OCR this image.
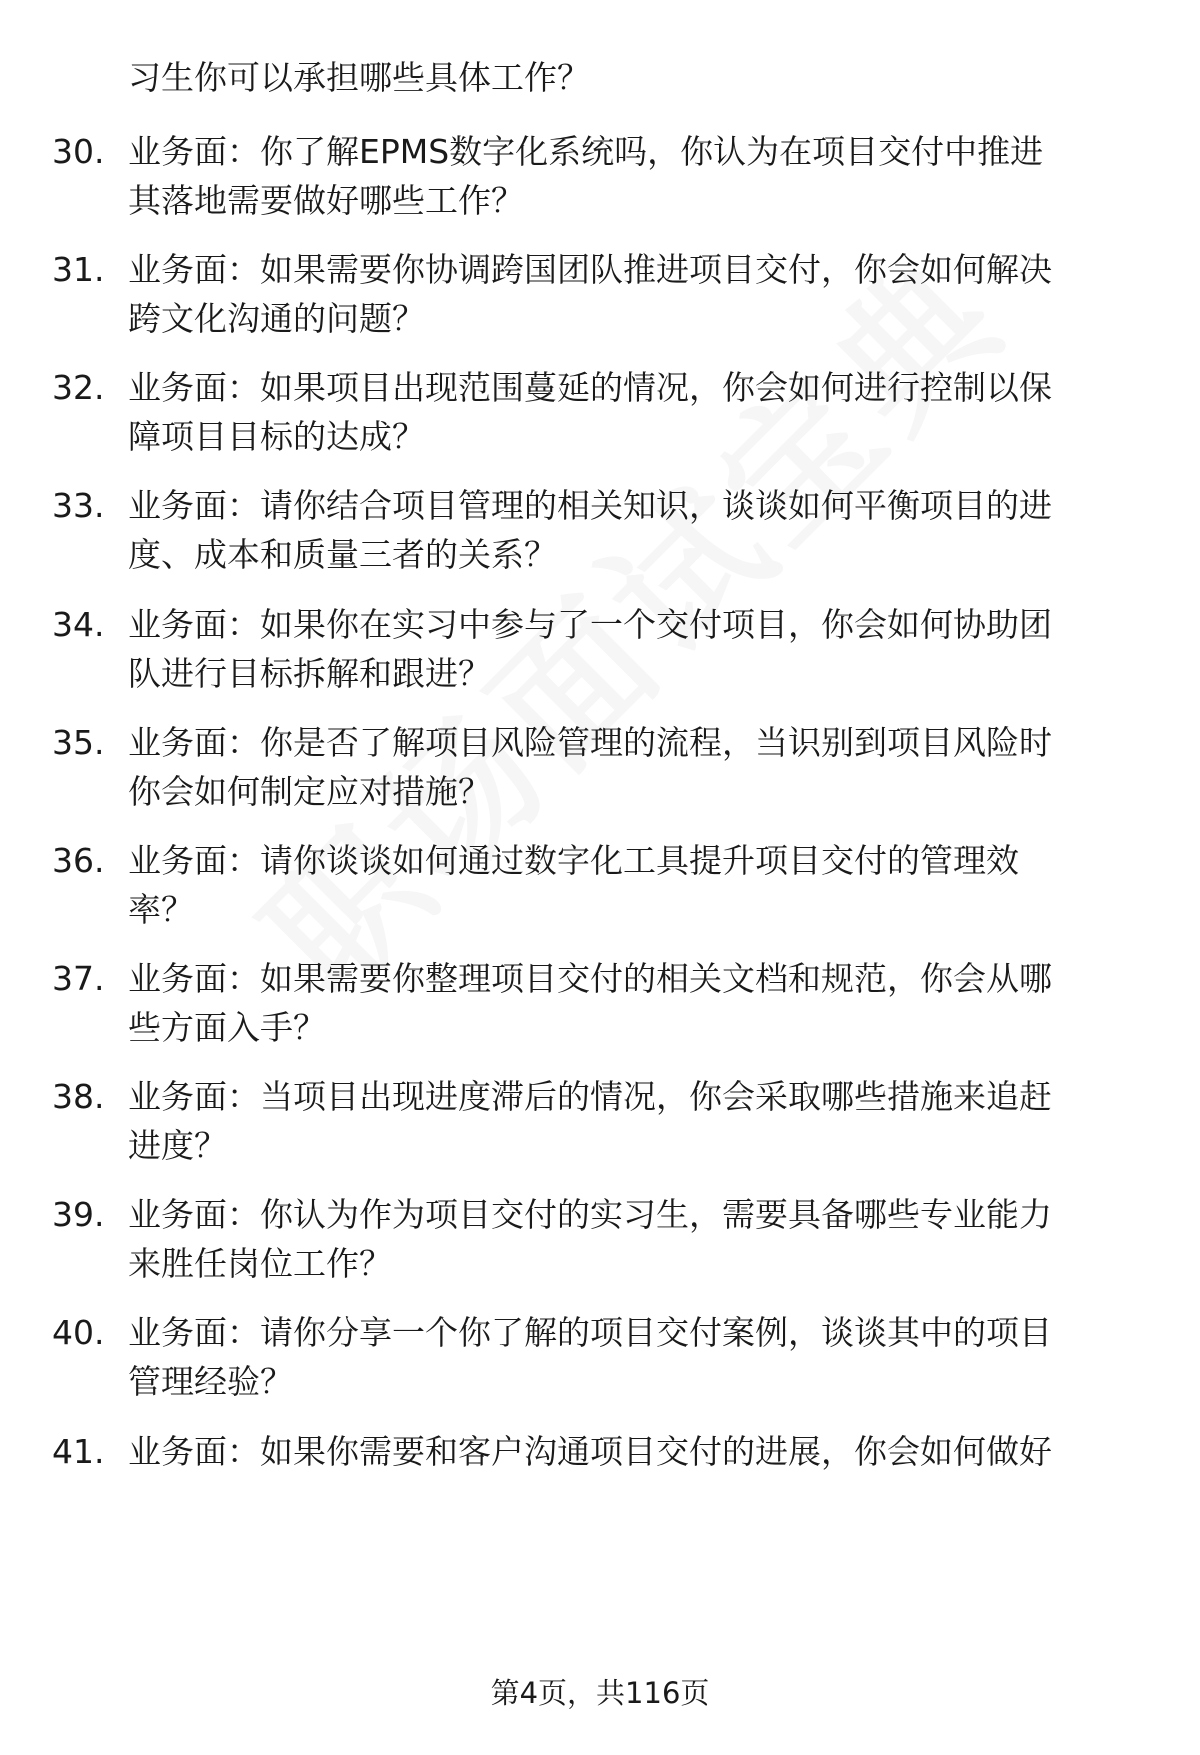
习生你可以承担哪些具体工作？
30. 业务面：你了解EPMS数字化系统吗，你认为在项目交付中推进
其落地需要做好哪些工作？
31. 业务面：如果需要你协调跨国团队推进项目交付，你会如何解决
跨文化沟通的问题？
32. 业务面：如果项目出现范围蔓延的情况，你会如何进行控制以保
障项目目标的达成？
33. 业务面：请你结合项目管理的相关知识，谈谈如何平衡项目的进
度、成本和质量三者的关系？
34. 业务面：如果你在实习中参与了一个交付项目，你会如何协助团
队进行目标拆解和跟进？
35. 业务面：你是否了解项目风险管理的流程，当识别到项目风险时
你会如何制定应对措施？
36. 业务面：请你谈谈如何通过数字化工具提升项目交付的管理效
率？
37. 业务面：如果需要你整理项目交付的相关文档和规范，你会从哪
些方面入手？
38. 业务面：当项目出现进度滞后的情况，你会采取哪些措施来追赶
进度？
39. 业务面：你认为作为项目交付的实习生，需要具备哪些专业能力
来胜任岗位工作？
40. 业务面：请你分享一个你了解的项目交付案例，谈谈其中的项目
管理经验？
41. 业务面：如果你需要和客户沟通项目交付的进展，你会如何做好
第4页，共116页
